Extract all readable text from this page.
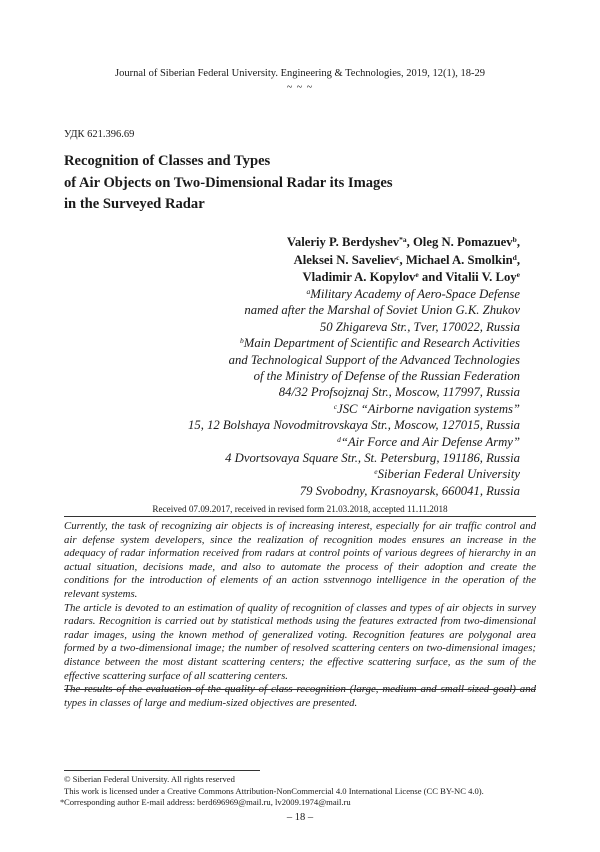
Journal of Siberian Federal University. Engineering & Technologies, 2019, 12(1), 18-29
~ ~ ~
УДК 621.396.69
Recognition of Classes and Types
of Air Objects on Two-Dimensional Radar its Images
in the Surveyed Radar
Valeriy P. Berdyshev$^{*a}$, Oleg N. Pomazuev$^b$,
Aleksei N. Saveliev$^c$, Michael A. Smolkin$^d$,
Vladimir A. Kopylov$^e$ and Vitalii V. Loy$^e$
$^a$Military Academy of Aero-Space Defense
named after the Marshal of Soviet Union G.K. Zhukov
50 Zhigareva Str., Tver, 170022, Russia
$^b$Main Department of Scientific and Research Activities
and Technological Support of the Advanced Technologies
of the Ministry of Defense of the Russian Federation
84/32 Profsojznaj Str., Moscow, 117997, Russia
$^c$JSC “Airborne navigation systems”
15, 12 Bolshaya Novodmitrovskaya Str., Moscow, 127015, Russia
$^d$“Air Force and Air Defense Army”
4 Dvortsovaya Square Str., St. Petersburg, 191186, Russia
$^e$Siberian Federal University
79 Svobodny, Krasnoyarsk, 660041, Russia
Received 07.09.2017, received in revised form 21.03.2018, accepted 11.11.2018

Currently, the task of recognizing air objects is of increasing interest, especially for air traffic control and air defense system developers, since the realization of recognition modes ensures an increase in the adequacy of radar information received from radars at control points of various degrees of hierarchy in an actual situation, decisions made, and also to automate the process of their adoption and create the conditions for the introduction of elements of an action sstvennogo intelligence in the operation of the relevant systems.

The article is devoted to an estimation of quality of recognition of classes and types of air objects in survey radars. Recognition is carried out by statistical methods using the features extracted from two-dimensional radar images, using the known method of generalized voting. Recognition features are polygonal area formed by a two-dimensional image; the number of resolved scattering centers on two-dimensional images; distance between the most distant scattering centers; the effective scattering surface, as the sum of the effective scattering surface of all scattering centers.

The results of the evaluation of the quality of class recognition (large, medium and small-sized goal) and types in classes of large and medium-sized objectives are presented.

© Siberian Federal University. All rights reserved
This work is licensed under a Creative Commons Attribution-NonCommercial 4.0 International License (CC BY-NC 4.0).
* Corresponding author E-mail address: berd696969@mail.ru, lv2009.1974@mail.ru
– 18 –
